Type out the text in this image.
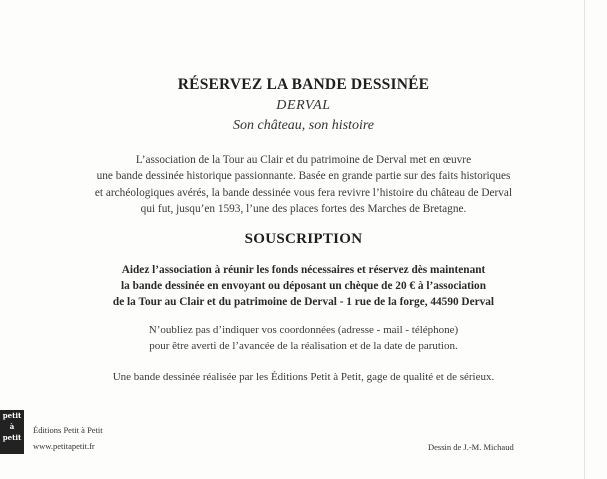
RÉSERVEZ LA BANDE DESSINÉE
DERVAL
Son château, son histoire
L’association de la Tour au Clair et du patrimoine de Derval met en œuvre
une bande dessinée historique passionnante. Basée en grande partie sur des faits historiques
et archéologiques avérés, la bande dessinée vous fera revivre l’histoire du château de Derval
qui fut, jusqu’en 1593, l’une des places fortes des Marches de Bretagne.
SOUSCRIPTION
Aidez l’association à réunir les fonds nécessaires et réservez dès maintenant
la bande dessinée en envoyant ou déposant un chèque de 20 € à l’association
de la Tour au Clair et du patrimoine de Derval - 1 rue de la forge, 44590 Derval
N’oubliez pas d’indiquer vos coordonnées (adresse - mail - téléphone)
pour être averti de l’avancée de la réalisation et de la date de parution.
Une bande dessinée réalisée par les Éditions Petit à Petit, gage de qualité et de sérieux.
petit
à
petit
Éditions Petit à Petit
www.petitapetit.fr	Dessin de J.-M. Michaud
